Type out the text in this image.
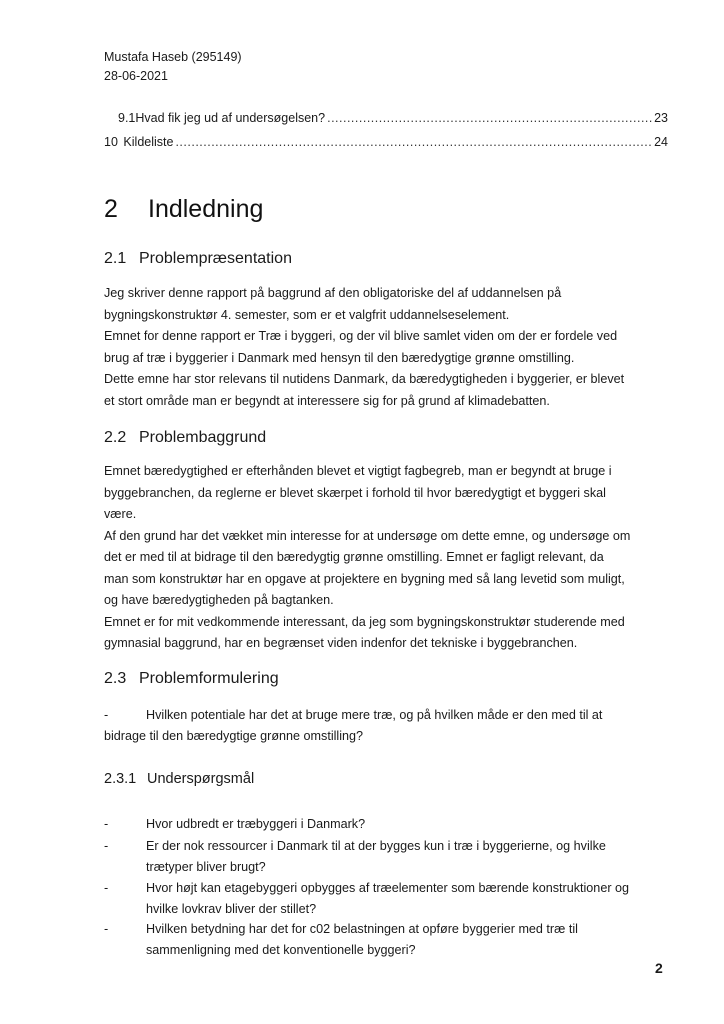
Mustafa Haseb (295149)
28-06-2021
9.1 Hvad fik jeg ud af undersøgelsen? .....	23
10 Kildeliste .....	24
2 Indledning
2.1 Problempræsentation
Jeg skriver denne rapport på baggrund af den obligatoriske del af uddannelsen på
bygningskonstruktør 4. semester, som er et valgfrit uddannelseselement.
Emnet for denne rapport er Træ i byggeri, og der vil blive samlet viden om der er fordele ved
brug af træ i byggerier i Danmark med hensyn til den bæredygtige grønne omstilling.
Dette emne har stor relevans til nutidens Danmark, da bæredygtigheden i byggerier, er blevet
et stort område man er begyndt at interessere sig for på grund af klimadebatten.
2.2 Problembaggrund
Emnet bæredygtighed er efterhånden blevet et vigtigt fagbegreb, man er begyndt at bruge i
byggebranchen, da reglerne er blevet skærpet i forhold til hvor bæredygtigt et byggeri skal
være.
Af den grund har det vækket min interesse for at undersøge om dette emne, og undersøge om
det er med til at bidrage til den bæredygtig grønne omstilling. Emnet er fagligt relevant, da
man som konstruktør har en opgave at projektere en bygning med så lang levetid som muligt,
og have bæredygtigheden på bagtanken.
Emnet er for mit vedkommende interessant, da jeg som bygningskonstruktør studerende med
gymnasial baggrund, har en begrænset viden indenfor det tekniske i byggebranchen.
2.3 Problemformulering
-	Hvilken potentiale har det at bruge mere træ, og på hvilken måde er den med til at
bidrage til den bæredygtige grønne omstilling?
2.3.1 Underspørgsmål
-	Hvor udbredt er træbyggeri i Danmark?
-	Er der nok ressourcer i Danmark til at der bygges kun i træ i byggerierne, og hvilke
trætyper bliver brugt?
-	Hvor højt kan etagebyggeri opbygges af træelementer som bærende konstruktioner og
hvilke lovkrav bliver der stillet?
-	Hvilken betydning har det for c02 belastningen at opføre byggerier med træ til
sammenligning med det konventionelle byggeri?
2
